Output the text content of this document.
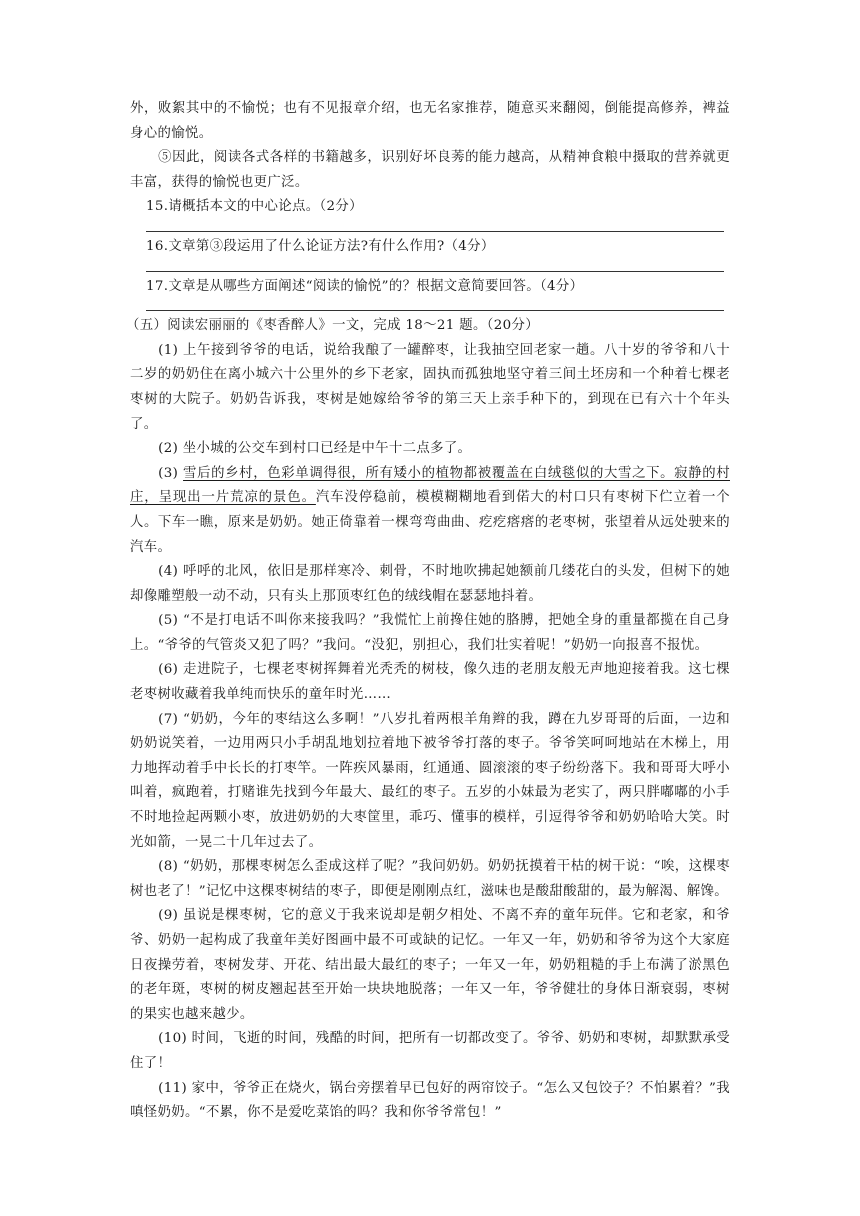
外，败絮其中的不愉悦；也有不见报章介绍，也无名家推荐，随意买来翻阅，倒能提高修养，裨益身心的愉悦。

⑤因此，阅读各式各样的书籍越多，识别好坏良莠的能力越高，从精神食粮中摄取的营养就更丰富，获得的愉悦也更广泛。

15.请概括本文的中心论点。（2分）

16.文章第③段运用了什么论证方法?有什么作用?（4分）

17.文章是从哪些方面阐述“阅读的愉悦”的？根据文意简要回答。（4分）

（五）阅读宏丽丽的《枣香醉人》一文，完成 18～21 题。（20分）

(1) 上午接到爷爷的电话，说给我酿了一罐醉枣，让我抽空回老家一趟。八十岁的爷爷和八十二岁的奶奶住在离小城六十公里外的乡下老家，固执而孤独地坚守着三间土坯房和一个种着七棵老枣树的大院子。奶奶告诉我，枣树是她嫁给爷爷的第三天上亲手种下的，到现在已有六十个年头了。

(2) 坐小城的公交车到村口已经是中午十二点多了。

(3) 雪后的乡村，色彩单调得很，所有矮小的植物都被覆盖在白绒毯似的大雪之下。寂静的村庄，呈现出一片荒凉的景色。汽车没停稳前，模模糊糊地看到偌大的村口只有枣树下伫立着一个人。下车一瞧，原来是奶奶。她正倚靠着一棵弯弯曲曲、疙疙瘩瘩的老枣树，张望着从远处驶来的汽车。

(4) 呼呼的北风，依旧是那样寒冷、刺骨，不时地吹拂起她额前几缕花白的头发，但树下的她却像雕塑般一动不动，只有头上那顶枣红色的绒线帽在瑟瑟地抖着。

(5) “不是打电话不叫你来接我吗？”我慌忙上前搀住她的胳膊，把她全身的重量都揽在自己身上。“爷爷的气管炎又犯了吗？”我问。“没犯，别担心，我们壮实着呢！”奶奶一向报喜不报忧。

(6) 走进院子，七棵老枣树挥舞着光秃秃的树枝，像久违的老朋友般无声地迎接着我。这七棵老枣树收藏着我单纯而快乐的童年时光……

(7) “奶奶，今年的枣结这么多啊！”八岁扎着两根羊角辫的我，蹲在九岁哥哥的后面，一边和奶奶说笑着，一边用两只小手胡乱地划拉着地下被爷爷打落的枣子。爷爷笑呵呵地站在木梯上，用力地挥动着手中长长的打枣竿。一阵疾风暴雨，红通通、圆滚滚的枣子纷纷落下。我和哥哥大呼小叫着，疯跑着，打赌谁先找到今年最大、最红的枣子。五岁的小妹最为老实了，两只胖嘟嘟的小手不时地捡起两颗小枣，放进奶奶的大枣筐里，乖巧、懂事的模样，引逗得爷爷和奶奶哈哈大笑。时光如箭，一晃二十几年过去了。

(8) “奶奶，那棵枣树怎么歪成这样了呢？”我问奶奶。奶奶抚摸着干枯的树干说：“唉，这棵枣树也老了！”记忆中这棵枣树结的枣子，即便是刚刚点红，滋味也是酸甜酸甜的，最为解渴、解馋。

(9) 虽说是棵枣树，它的意义于我来说却是朝夕相处、不离不弃的童年玩伴。它和老家，和爷爷、奶奶一起构成了我童年美好图画中最不可或缺的记忆。一年又一年，奶奶和爷爷为这个大家庭日夜操劳着，枣树发芽、开花、结出最大最红的枣子；一年又一年，奶奶粗糙的手上布满了淤黑色的老年斑，枣树的树皮翘起甚至开始一块块地脱落；一年又一年，爷爷健壮的身体日渐衰弱，枣树的果实也越来越少。

(10) 时间，飞逝的时间，残酷的时间，把所有一切都改变了。爷爷、奶奶和枣树，却默默承受住了！

(11) 家中，爷爷正在烧火，锅台旁摆着早已包好的两帘饺子。“怎么又包饺子？不怕累着？”我嗔怪奶奶。“不累，你不是爱吃菜馅的吗？我和你爷爷常包！”
